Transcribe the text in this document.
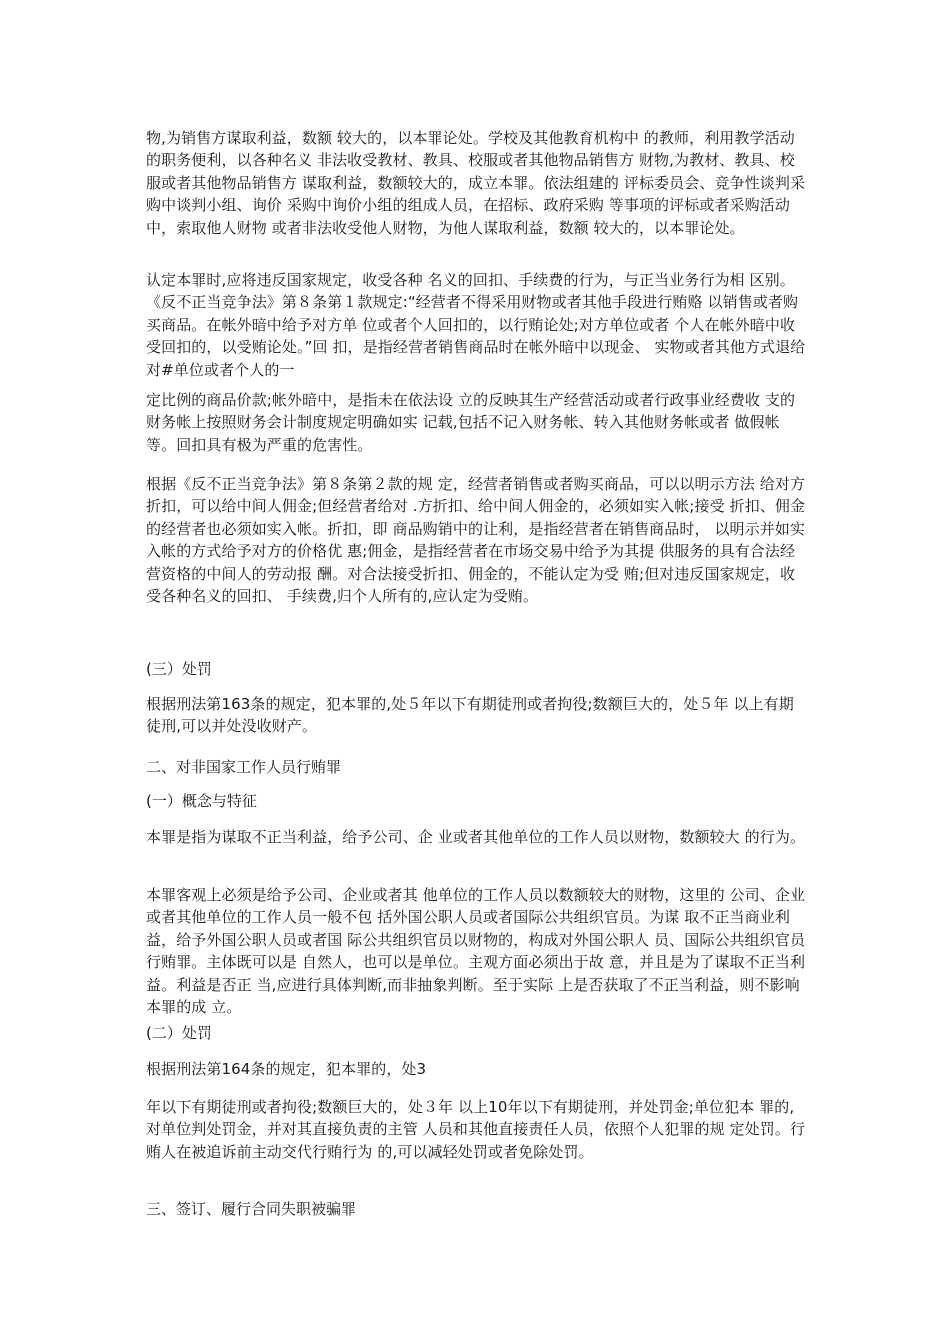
物,为销售方谋取利益，数额 较大的，以本罪论处。学校及其他教育机构中 的教师，利用教学活动的职务便利，以各种名义 非法收受教材、教具、校服或者其他物品销售方 财物,为教材、教具、校服或者其他物品销售方 谋取利益，数额较大的，成立本罪。依法组建的 评标委员会、竞争性谈判采购中谈判小组、询价 采购中询价小组的组成人员，在招标、政府采购 等事项的评标或者采购活动中，索取他人财物 或者非法收受他人财物，为他人谋取利益，数额 较大的，以本罪论处。

认定本罪时,应将违反国家规定，收受各种 名义的回扣、手续费的行为，与正当业务行为相 区别。《反不正当竞争法》第８条第１款规定:“经营者不得采用财物或者其他手段进行贿赂 以销售或者购买商品。在帐外暗中给予对方单 位或者个人回扣的，以行贿论处;对方单位或者 个人在帐外暗中收受回扣的，以受贿论处。”回 扣，是指经营者销售商品时在帐外暗中以现金、 实物或者其他方式退给对#单位或者个人的一

定比例的商品价款;帐外暗中，是指未在依法设 立的反映其生产经营活动或者行政事业经费收 支的财务帐上按照财务会计制度规定明确如实 记载,包括不记入财务帐、转入其他财务帐或者 做假帐等。回扣具有极为严重的危害性。

根据《反不正当竞争法》第８条第２款的规 定，经营者销售或者购买商品，可以以明示方法 给对方折扣，可以给中间人佣金;但经营者给对 .方折扣、给中间人佣金的，必须如实入帐;接受 折扣、佣金的经营者也必须如实入帐。折扣，即 商品购销中的让利，是指经营者在销售商品时， 以明示并如实入帐的方式给予对方的价格优 惠;佣金，是指经营者在市场交易中给予为其提 供服务的具有合法经营资格的中间人的劳动报 酬。对合法接受折扣、佣金的，不能认定为受 贿;但对违反国家规定，收受各种名义的回扣、 手续费,归个人所有的,应认定为受贿。

(三）处罚

根据刑法第163条的规定，犯本罪的,处５年以下有期徒刑或者拘役;数额巨大的，处５年 以上有期徒刑,可以并处没收财产。

二、对非国家工作人员行贿罪

(一）概念与特征

本罪是指为谋取不正当利益，给予公司、企 业或者其他单位的工作人员以财物，数额较大 的行为。

本罪客观上必须是给予公司、企业或者其 他单位的工作人员以数额较大的财物，这里的 公司、企业或者其他单位的工作人员一般不包 括外国公职人员或者国际公共组织官员。为谋 取不正当商业利益，给予外国公职人员或者国 际公共组织官员以财物的，构成对外国公职人 员、国际公共组织官员行贿罪。主体既可以是 自然人，也可以是单位。主观方面必须出于故 意，并且是为了谋取不正当利益。利益是否正 当,应进行具体判断,而非抽象判断。至于实际 上是否获取了不正当利益，则不影响本罪的成 立。

(二）处罚

根据刑法第164条的规定，犯本罪的，处3

年以下有期徒刑或者拘役;数额巨大的，处３年 以上10年以下有期徒刑，并处罚金;单位犯本 罪的,对单位判处罚金，并对其直接负责的主管 人员和其他直接责任人员，依照个人犯罪的规 定处罚。行贿人在被追诉前主动交代行贿行为 的,可以减轻处罚或者免除处罚。

三、签订、履行合同失职被骗罪
